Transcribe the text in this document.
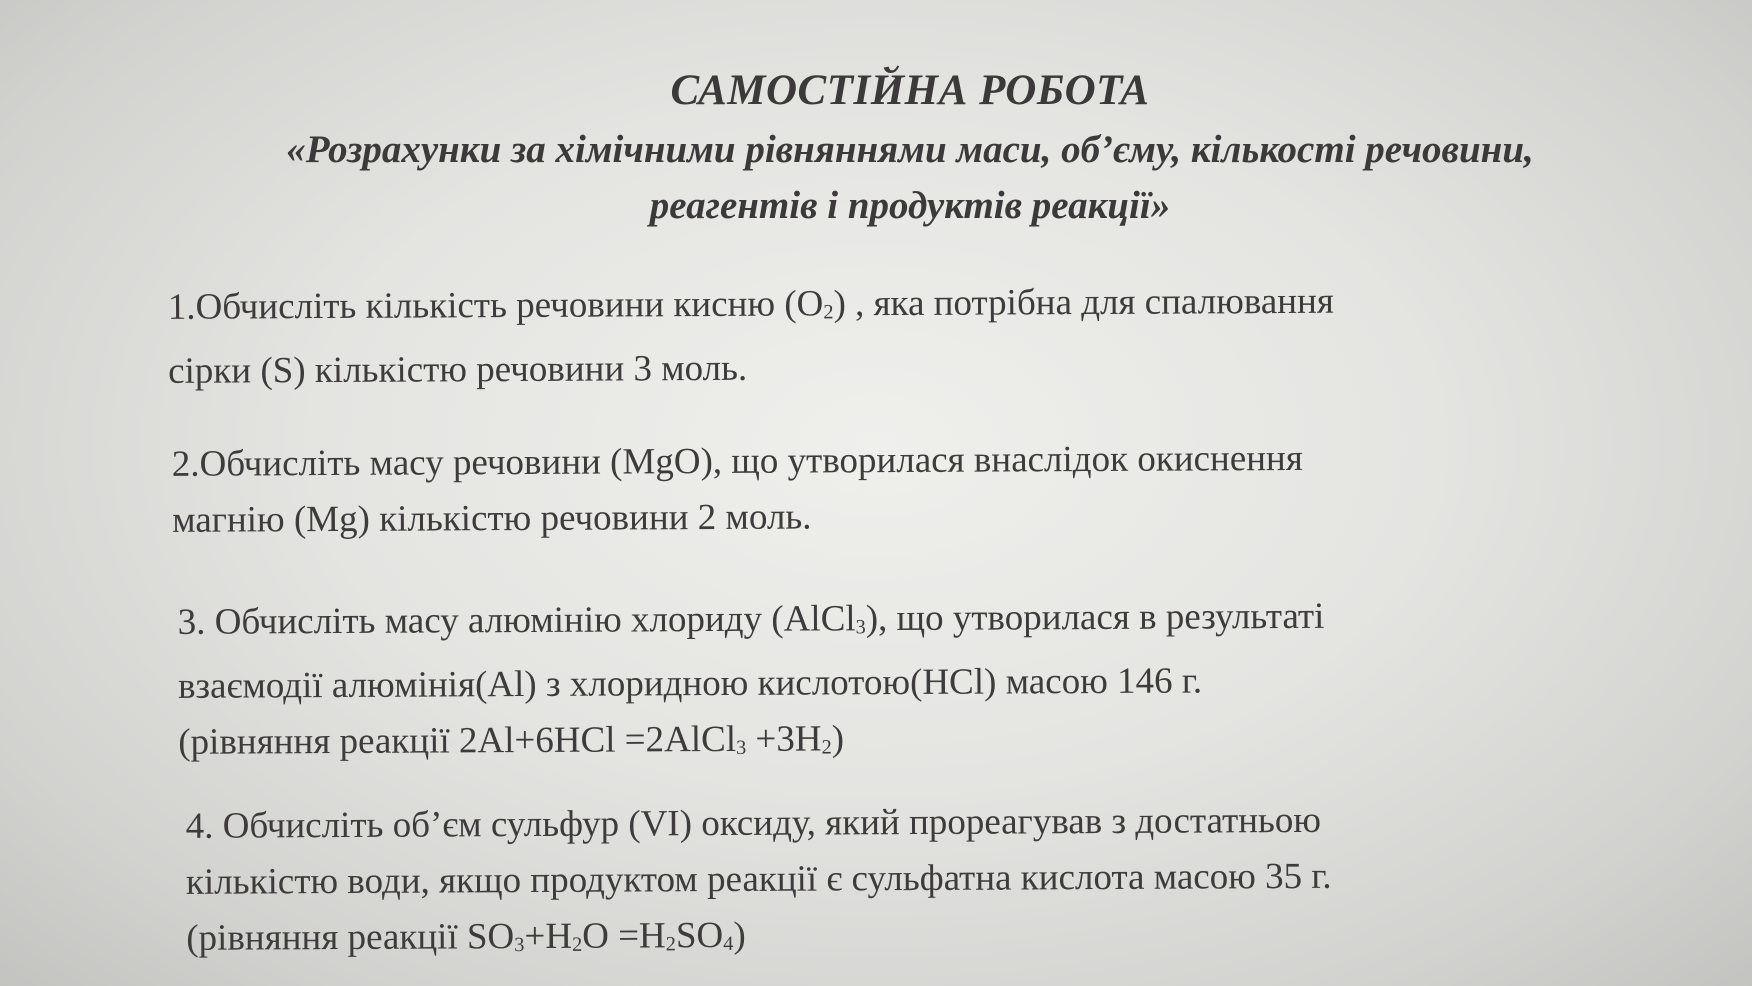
САМОСТІЙНА РОБОТА
«Розрахунки за хімічними рівняннями маси, об’єму, кількості речовини,
реагентів і продуктів реакції»

1.Обчисліть кількість речовини кисню $(O_2)$ , яка потрібна для спалювання

сірки (S) кількістю речовини 3 моль.

2.Обчисліть масу речовини (MgO), що утворилася внаслідок окиснення

магнію (Mg) кількістю речовини 2 моль.

3. Обчисліть масу алюмінію хлориду (AlCl$_3$), що утворилася в результаті

взаємодії алюмінія(Al) з хлоридною кислотою(HCl) масою 146 г.

(рівняння реакції 2Al+6HCl =2AlCl$_3$ $+3H_2$)

4. Обчисліть об’єм сульфур (VI) оксиду, який прореагував з достатньою

кількістю води, якщо продуктом реакції є сульфатна кислота масою 35 г.

(рівняння реакції $SO_3+H_2O =H_2SO_4$)
